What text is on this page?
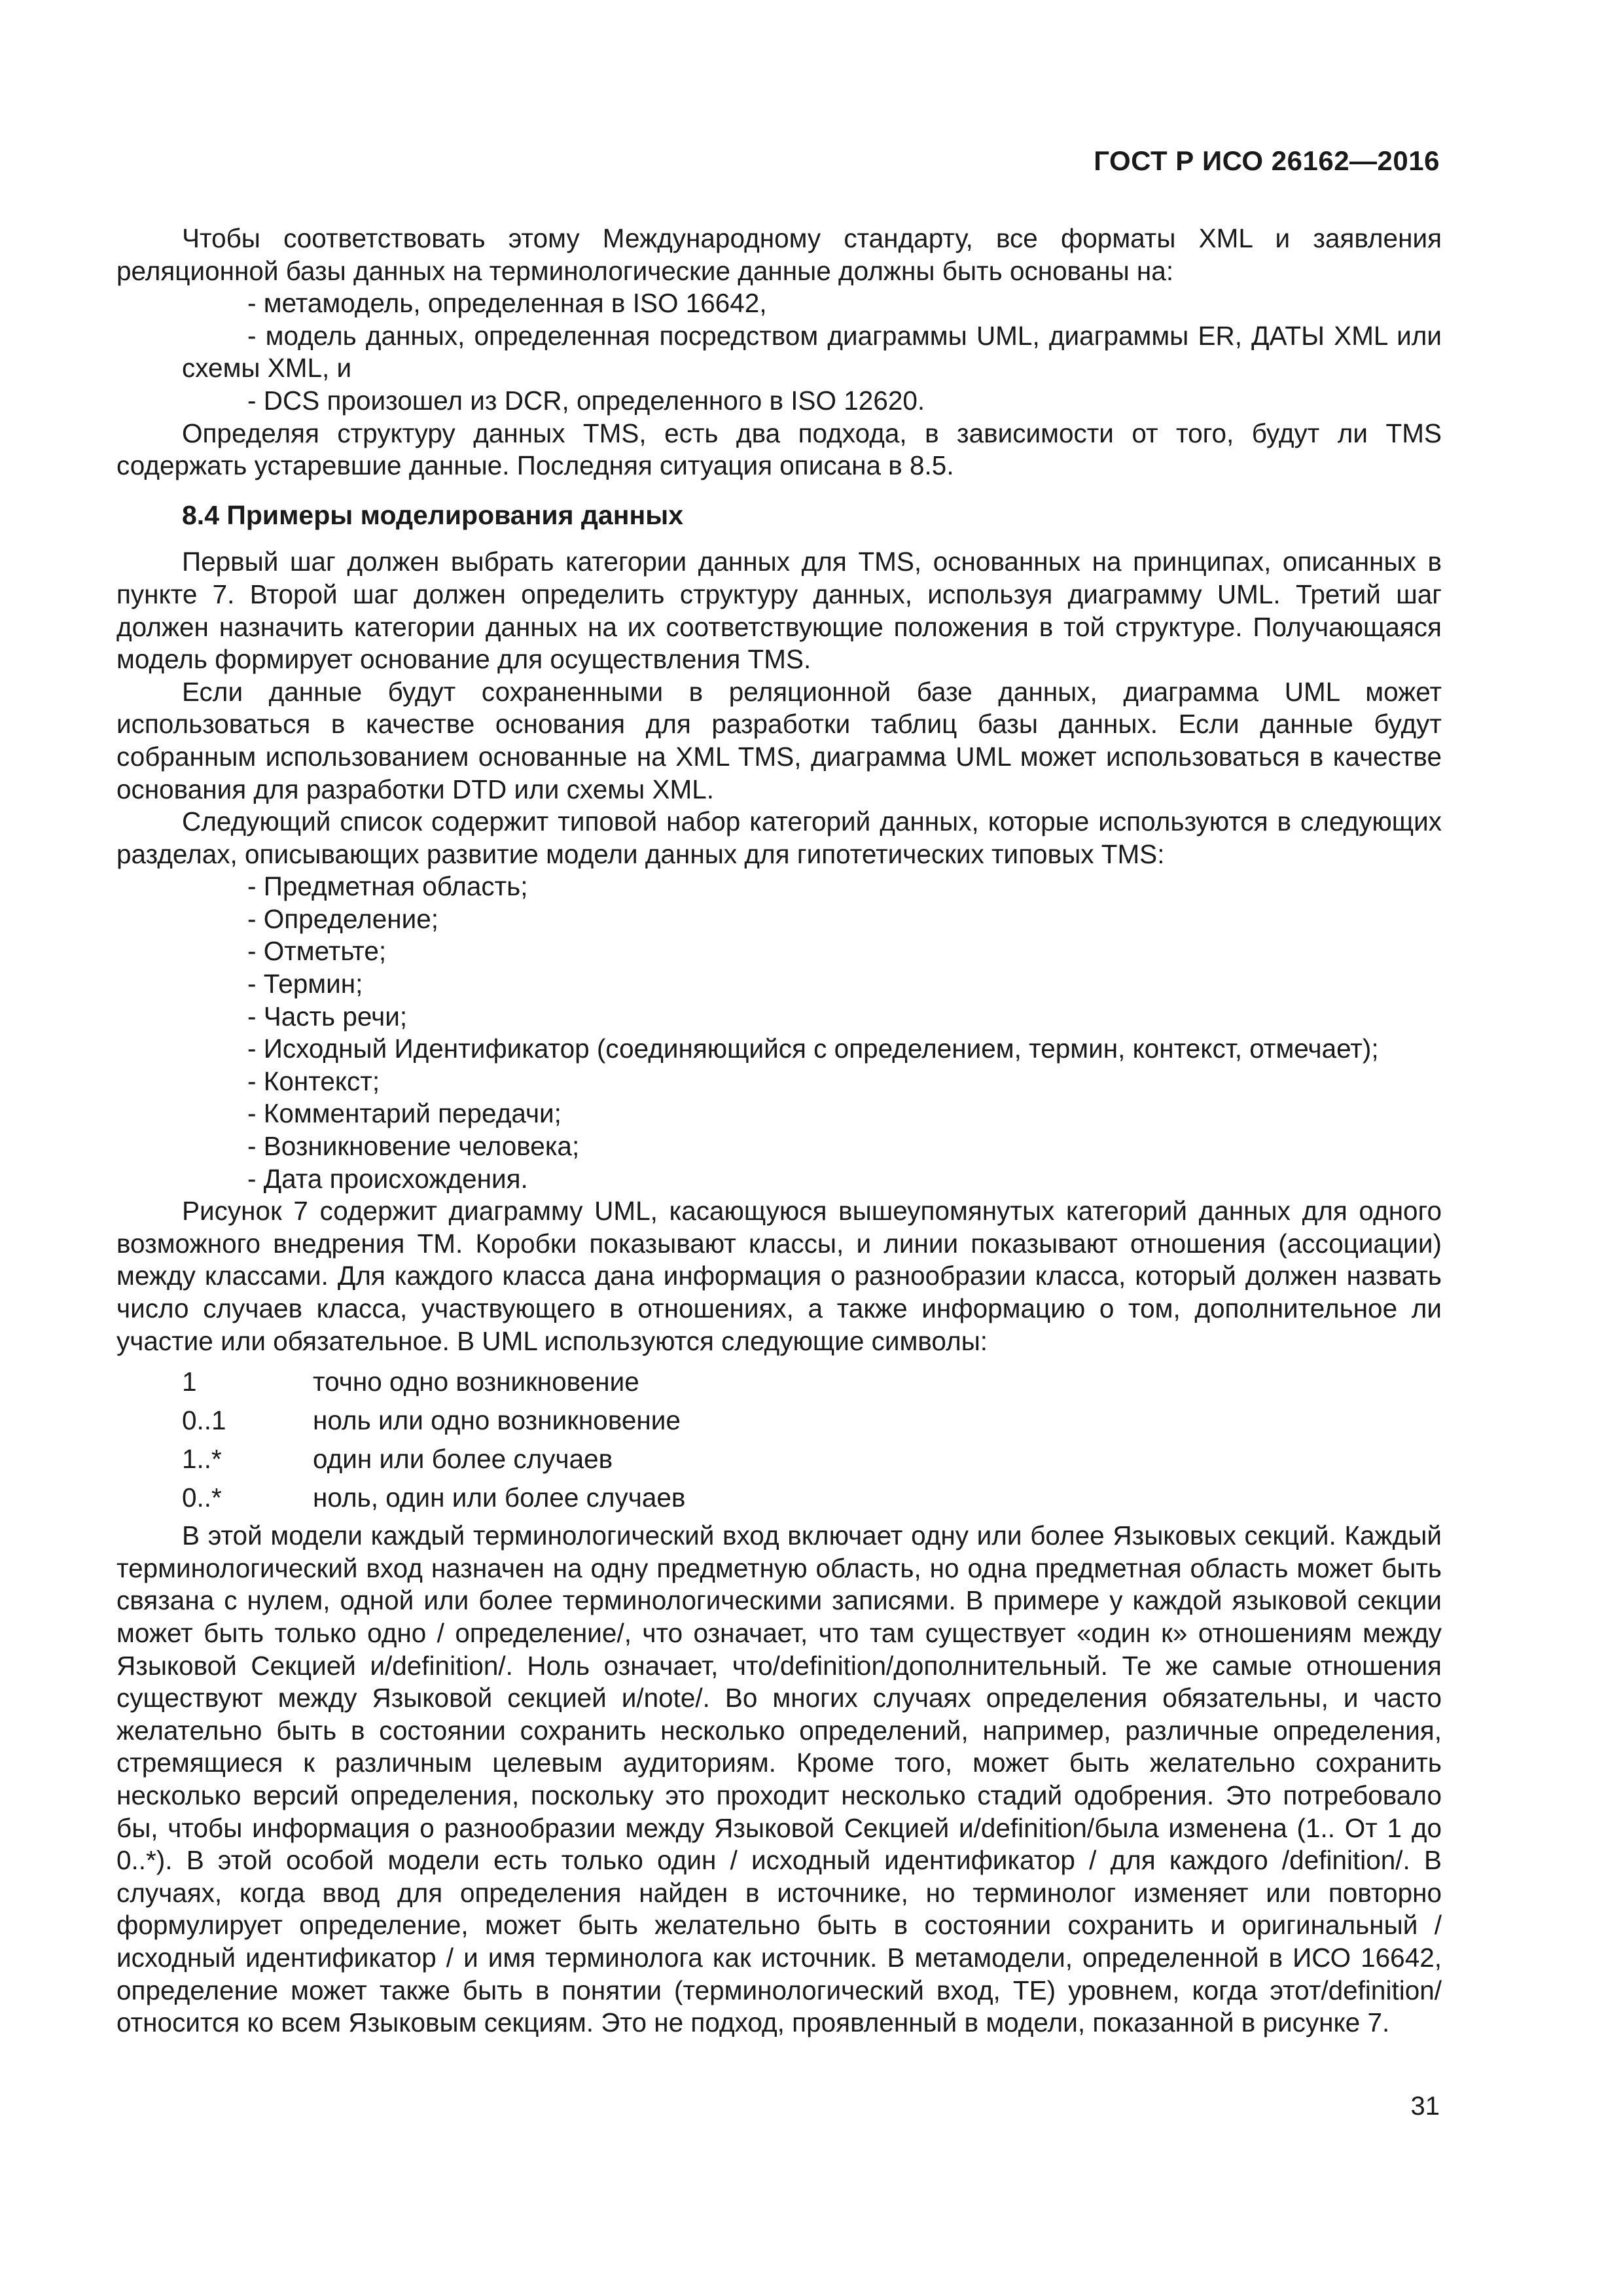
ГОСТ Р ИСО 26162—2016

Чтобы соответствовать этому Международному стандарту, все форматы XML и заявления реляционной базы данных на терминологические данные должны быть основаны на:

- метамодель, определенная в ISO 16642,

- модель данных, определенная посредством диаграммы UML, диаграммы ER, ДАТЫ XML или схемы XML, и

- DCS произошел из DCR, определенного в ISO 12620.

Определяя структуру данных TMS, есть два подхода, в зависимости от того, будут ли TMS содержать устаревшие данные. Последняя ситуация описана в 8.5.

8.4 Примеры моделирования данных

Первый шаг должен выбрать категории данных для TMS, основанных на принципах, описанных в пункте 7. Второй шаг должен определить структуру данных, используя диаграмму UML. Третий шаг должен назначить категории данных на их соответствующие положения в той структуре. Получающаяся модель формирует основание для осуществления TMS.

Если данные будут сохраненными в реляционной базе данных, диаграмма UML может использоваться в качестве основания для разработки таблиц базы данных. Если данные будут собранным использованием основанные на XML TMS, диаграмма UML может использоваться в качестве основания для разработки DTD или схемы XML.

Следующий список содержит типовой набор категорий данных, которые используются в следующих разделах, описывающих развитие модели данных для гипотетических типовых TMS:

- Предметная область;

- Определение;

- Отметьте;

- Термин;

- Часть речи;

- Исходный Идентификатор (соединяющийся с определением, термин, контекст, отмечает);

- Контекст;

- Комментарий передачи;

- Возникновение человека;

- Дата происхождения.

Рисунок 7 содержит диаграмму UML, касающуюся вышеупомянутых категорий данных для одного возможного внедрения TM. Коробки показывают классы, и линии показывают отношения (ассоциации) между классами. Для каждого класса дана информация о разнообразии класса, который должен назвать число случаев класса, участвующего в отношениях, а также информацию о том, дополнительное ли участие или обязательное. В UML используются следующие символы:

1	точно одно возникновение
0..1	ноль или одно возникновение
1..*	один или более случаев
0..*	ноль, один или более случаев

В этой модели каждый терминологический вход включает одну или более Языковых секций. Каждый терминологический вход назначен на одну предметную область, но одна предметная область может быть связана с нулем, одной или более терминологическими записями. В примере у каждой языковой секции может быть только одно / определение/, что означает, что там существует «один к» отношениям между Языковой Секцией и/definition/. Ноль означает, что/definition/дополнительный. Те же самые отношения существуют между Языковой секцией и/note/. Во многих случаях определения обязательны, и часто желательно быть в состоянии сохранить несколько определений, например, различные определения, стремящиеся к различным целевым аудиториям. Кроме того, может быть желательно сохранить несколько версий определения, поскольку это проходит несколько стадий одобрения. Это потребовало бы, чтобы информация о разнообразии между Языковой Секцией и/definition/была изменена (1.. От 1 до 0..*). В этой особой модели есть только один / исходный идентификатор / для каждого /definition/. В случаях, когда ввод для определения найден в источнике, но терминолог изменяет или повторно формулирует определение, может быть желательно быть в состоянии сохранить и оригинальный / исходный идентификатор / и имя терминолога как источник. В метамодели, определенной в ИСО 16642, определение может также быть в понятии (терминологический вход, TE) уровнем, когда этот/definition/ относится ко всем Языковым секциям. Это не подход, проявленный в модели, показанной в рисунке 7.

31
